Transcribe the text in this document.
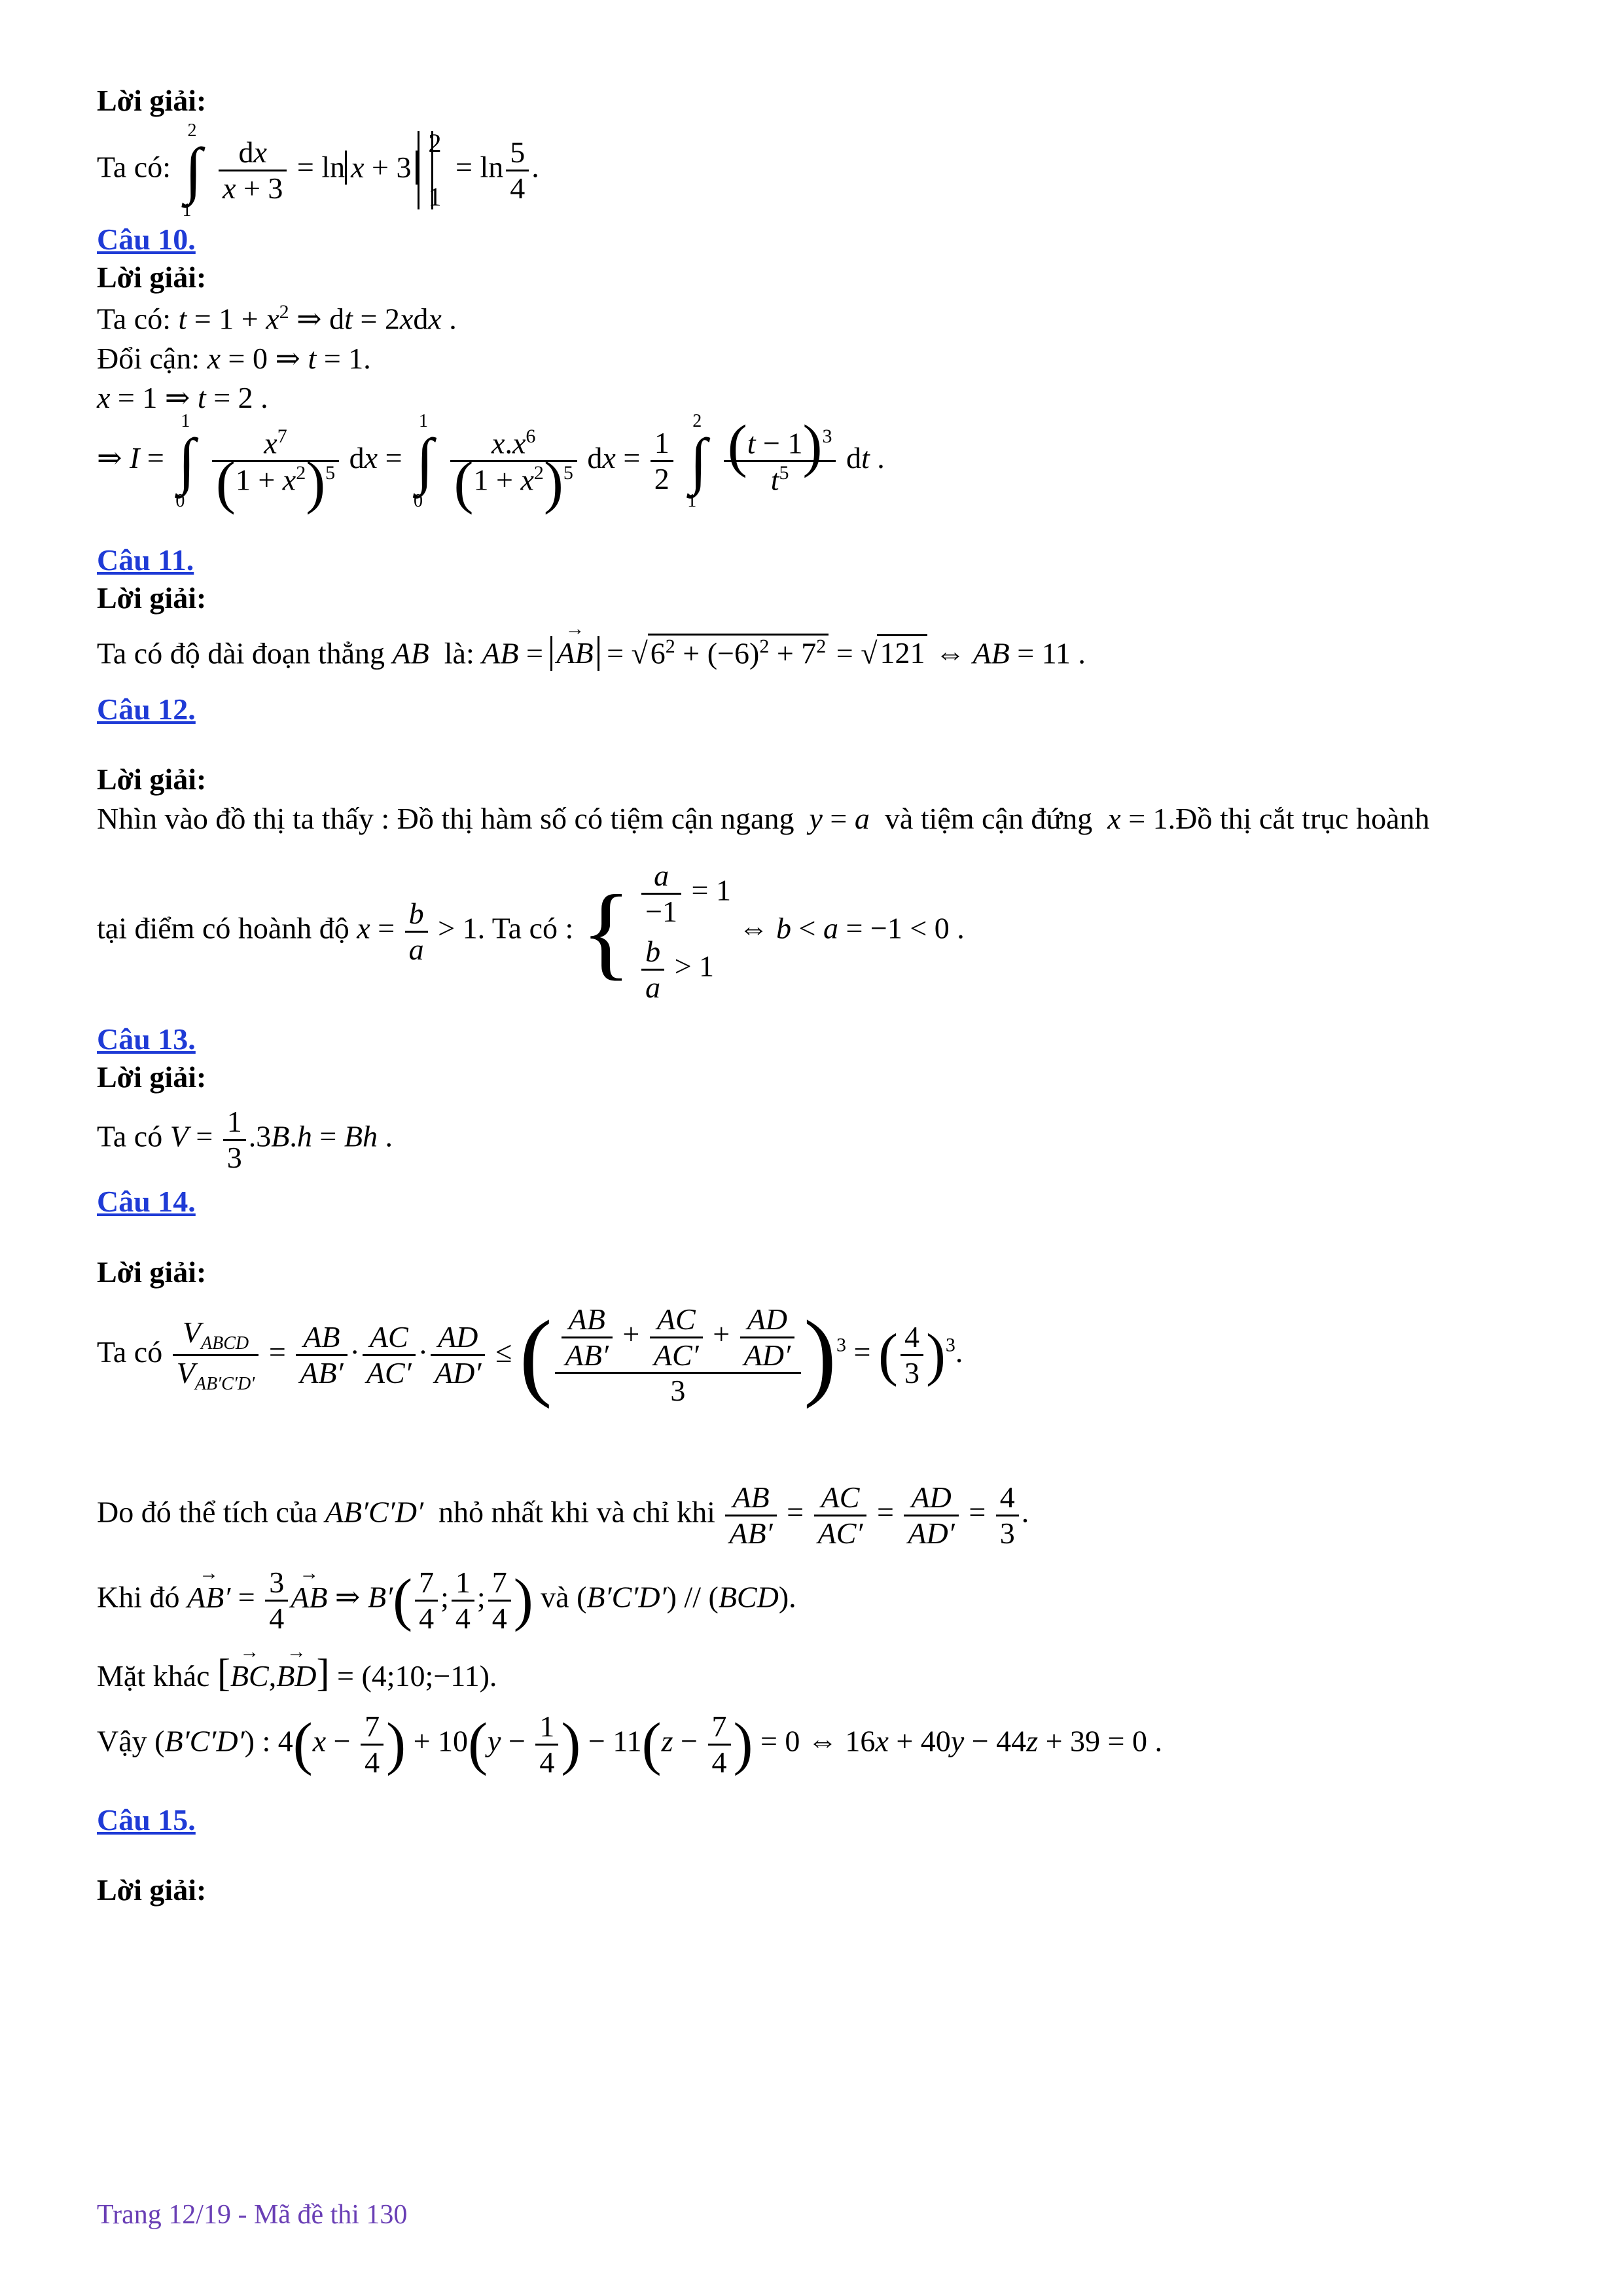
Lời giải:
Ta có: ∫
2
1

$\frac{dx}{x + 3} = \ln x + 3$
2
1
= $\ln \frac{5}{4}$ .
Câu 10.
Lời giải:
Ta có: $t = 1 + x^2$ ⇒ dt = 2xdx .
Đổi cận: x = 0 ⇒ t = 1.
x = 1 ⇒ t = 2 .
⇒ I = ∫
1
0

$\frac{x^7}{(1 + x^2)^5}$ dx = ∫
1
0

$\frac{x.x^6}{(1 + x^2)^5}$ dx = $\frac{1}{2}$
∫
2
1

$\frac{(t - 1)^3}{t^5}$ dt .
Câu 11.
Lời giải:
Ta có độ dài đoạn thẳng AB là: AB = → AB = $√6^2 + (-6)^2 + 7^2 = √121$ ⇔ AB = 11 .
Câu 12.
Lời giải:
Nhìn vào đồ thị ta thấy : Đồ thị hàm số có tiệm cận ngang y = a và tiệm cận đứng x = 1.Đồ thị cắt trục hoành
tại điểm có hoành độ $x = \frac{b}{a} > 1$. Ta có : { $\frac{a}{-1} = 1$
$\frac{b}{a} > 1$
⇔ b < a = −1 < 0 .
Câu 13.
Lời giải:
Ta có $V = \frac{1}{3} .3B.h = Bh$ .
Câu 14.
Lời giải:
Ta có $\frac{V_{ABCD}}{V_{AB'C'D'}} = \frac{AB}{AB'} \cdot \frac{AC}{AC'} \cdot \frac{AD}{AD'}$ ≤ ( $\frac{\frac{AB}{AB'} + \frac{AC}{AC'} + \frac{AD}{AD'}}{3} )^3$ = ( $\frac{4}{3} )^3$.
Do đó thể tích của AB′C′D′ nhỏ nhất khi và chỉ khi $\frac{AB}{AB'} = \frac{AC}{AC'} = \frac{AD}{AD'} = \frac{4}{3}$ .
Khi đó → $AB' = \frac{3}{4}$ → AB ⇒ $B'( \frac{7}{4}$ ; $\frac{1}{4}$ ; $\frac{7}{4}$ ) và (B′C′D′) // (BCD).
Mặt khác [→ BC,→ BD] = (4;10;−11).
Vậy (B′C′D′) : $4(x - \frac{7}{4}$ ) + $10(y - \frac{1}{4}$ ) − $11(z - \frac{7}{4}$ ) = 0 ⇔ 16x + 40y − 44z + 39 = 0 .
Câu 15.
Lời giải:
Trang 12/19 - Mã đề thi 130
